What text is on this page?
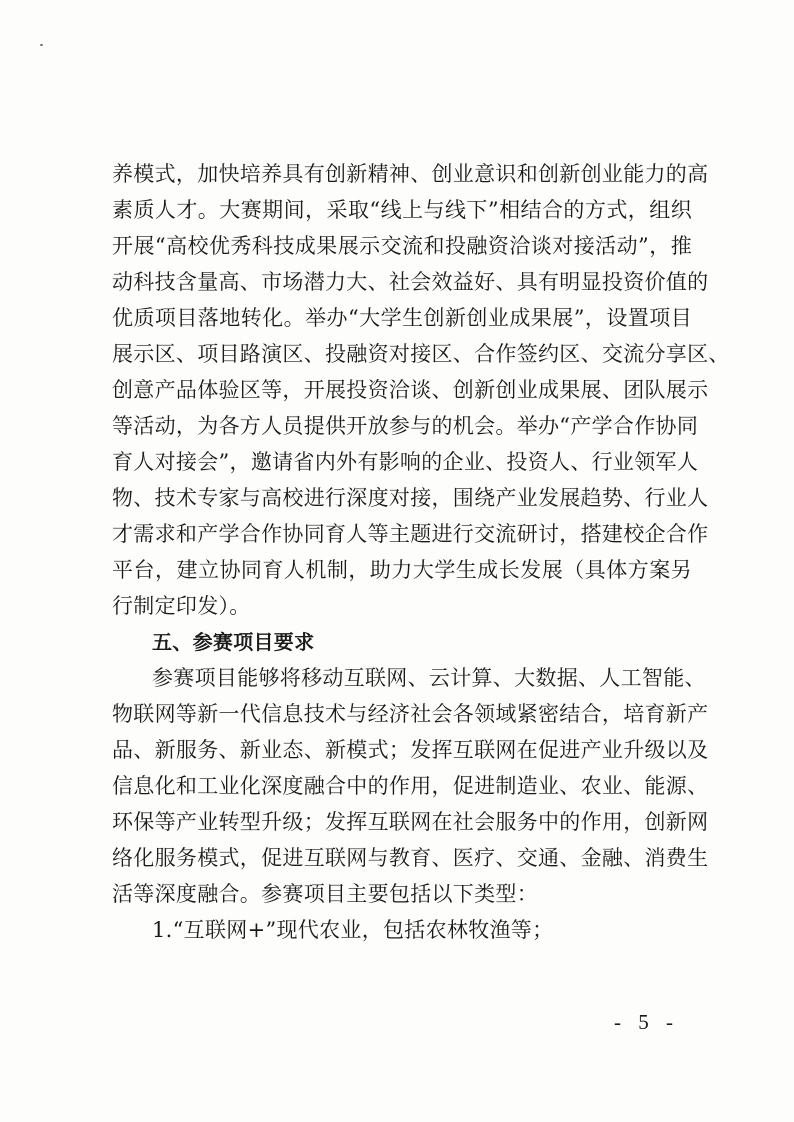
养模式，加快培养具有创新精神、创业意识和创新创业能力的高
素质人才。大赛期间，采取“线上与线下”相结合的方式，组织
开展“高校优秀科技成果展示交流和投融资洽谈对接活动”，推
动科技含量高、市场潜力大、社会效益好、具有明显投资价值的
优质项目落地转化。举办“大学生创新创业成果展”，设置项目
展示区、项目路演区、投融资对接区、合作签约区、交流分享区、
创意产品体验区等，开展投资洽谈、创新创业成果展、团队展示
等活动，为各方人员提供开放参与的机会。举办“产学合作协同
育人对接会”，邀请省内外有影响的企业、投资人、行业领军人
物、技术专家与高校进行深度对接，围绕产业发展趋势、行业人
才需求和产学合作协同育人等主题进行交流研讨，搭建校企合作
平台，建立协同育人机制，助力大学生成长发展（具体方案另
行制定印发）。
五、参赛项目要求
参赛项目能够将移动互联网、云计算、大数据、人工智能、
物联网等新一代信息技术与经济社会各领域紧密结合，培育新产
品、新服务、新业态、新模式；发挥互联网在促进产业升级以及
信息化和工业化深度融合中的作用，促进制造业、农业、能源、
环保等产业转型升级；发挥互联网在社会服务中的作用，创新网
络化服务模式，促进互联网与教育、医疗、交通、金融、消费生
活等深度融合。参赛项目主要包括以下类型：
1.“互联网+”现代农业，包括农林牧渔等；
- 5 -
